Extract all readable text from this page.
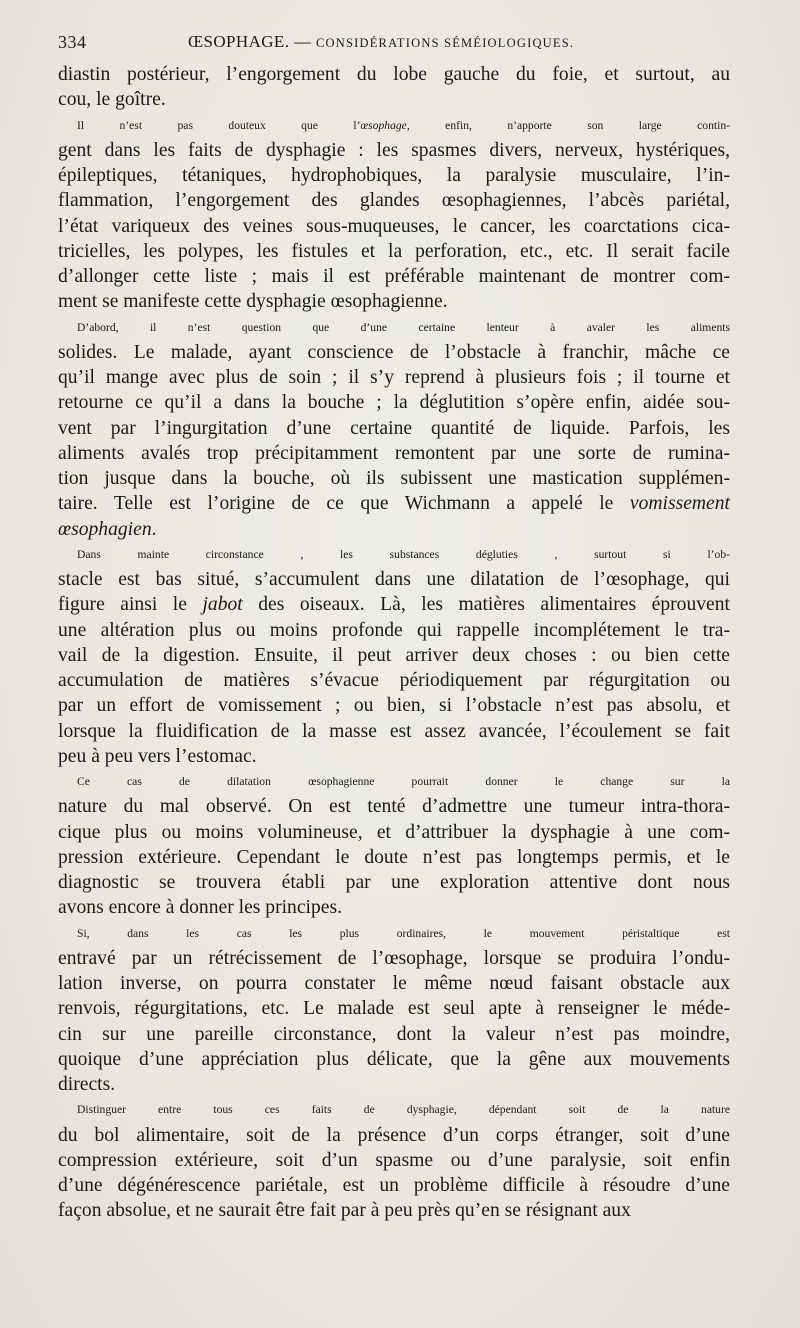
334	ŒSOPHAGE. — CONSIDÉRATIONS SÉMÉIOLOGIQUES.
diastin postérieur, l’engorgement du lobe gauche du foie, et surtout, au
cou, le goître.
Il n’est pas douteux que l’œsophage, enfin, n’apporte son large contin-
gent dans les faits de dysphagie : les spasmes divers, nerveux, hystériques,
épileptiques, tétaniques, hydrophobiques, la paralysie musculaire, l’in-
flammation, l’engorgement des glandes œsophagiennes, l’abcès pariétal,
l’état variqueux des veines sous-muqueuses, le cancer, les coarctations cica-
tricielles, les polypes, les fistules et la perforation, etc., etc. Il serait facile
d’allonger cette liste ; mais il est préférable maintenant de montrer com-
ment se manifeste cette dysphagie œsophagienne.
D’abord, il n’est question que d’une certaine lenteur à avaler les aliments
solides. Le malade, ayant conscience de l’obstacle à franchir, mâche ce
qu’il mange avec plus de soin ; il s’y reprend à plusieurs fois ; il tourne et
retourne ce qu’il a dans la bouche ; la déglutition s’opère enfin, aidée sou-
vent par l’ingurgitation d’une certaine quantité de liquide. Parfois, les
aliments avalés trop précipitamment remontent par une sorte de rumina-
tion jusque dans la bouche, où ils subissent une mastication supplémen-
taire. Telle est l’origine de ce que Wichmann a appelé le vomissement
œsophagien.
Dans mainte circonstance , les substances dégluties , surtout si l’ob-
stacle est bas situé, s’accumulent dans une dilatation de l’œsophage, qui
figure ainsi le jabot des oiseaux. Là, les matières alimentaires éprouvent
une altération plus ou moins profonde qui rappelle incomplétement le tra-
vail de la digestion. Ensuite, il peut arriver deux choses : ou bien cette
accumulation de matières s’évacue périodiquement par régurgitation ou
par un effort de vomissement ; ou bien, si l’obstacle n’est pas absolu, et
lorsque la fluidification de la masse est assez avancée, l’écoulement se fait
peu à peu vers l’estomac.
Ce cas de dilatation œsophagienne pourrait donner le change sur la
nature du mal observé. On est tenté d’admettre une tumeur intra-thora-
cique plus ou moins volumineuse, et d’attribuer la dysphagie à une com-
pression extérieure. Cependant le doute n’est pas longtemps permis, et le
diagnostic se trouvera établi par une exploration attentive dont nous
avons encore à donner les principes.
Si, dans les cas les plus ordinaires, le mouvement péristaltique est
entravé par un rétrécissement de l’œsophage, lorsque se produira l’ondu-
lation inverse, on pourra constater le même nœud faisant obstacle aux
renvois, régurgitations, etc. Le malade est seul apte à renseigner le méde-
cin sur une pareille circonstance, dont la valeur n’est pas moindre,
quoique d’une appréciation plus délicate, que la gêne aux mouvements
directs.
Distinguer entre tous ces faits de dysphagie, dépendant soit de la nature
du bol alimentaire, soit de la présence d’un corps étranger, soit d’une
compression extérieure, soit d’un spasme ou d’une paralysie, soit enfin
d’une dégénérescence pariétale, est un problème difficile à résoudre d’une
façon absolue, et ne saurait être fait par à peu près qu’en se résignant aux
